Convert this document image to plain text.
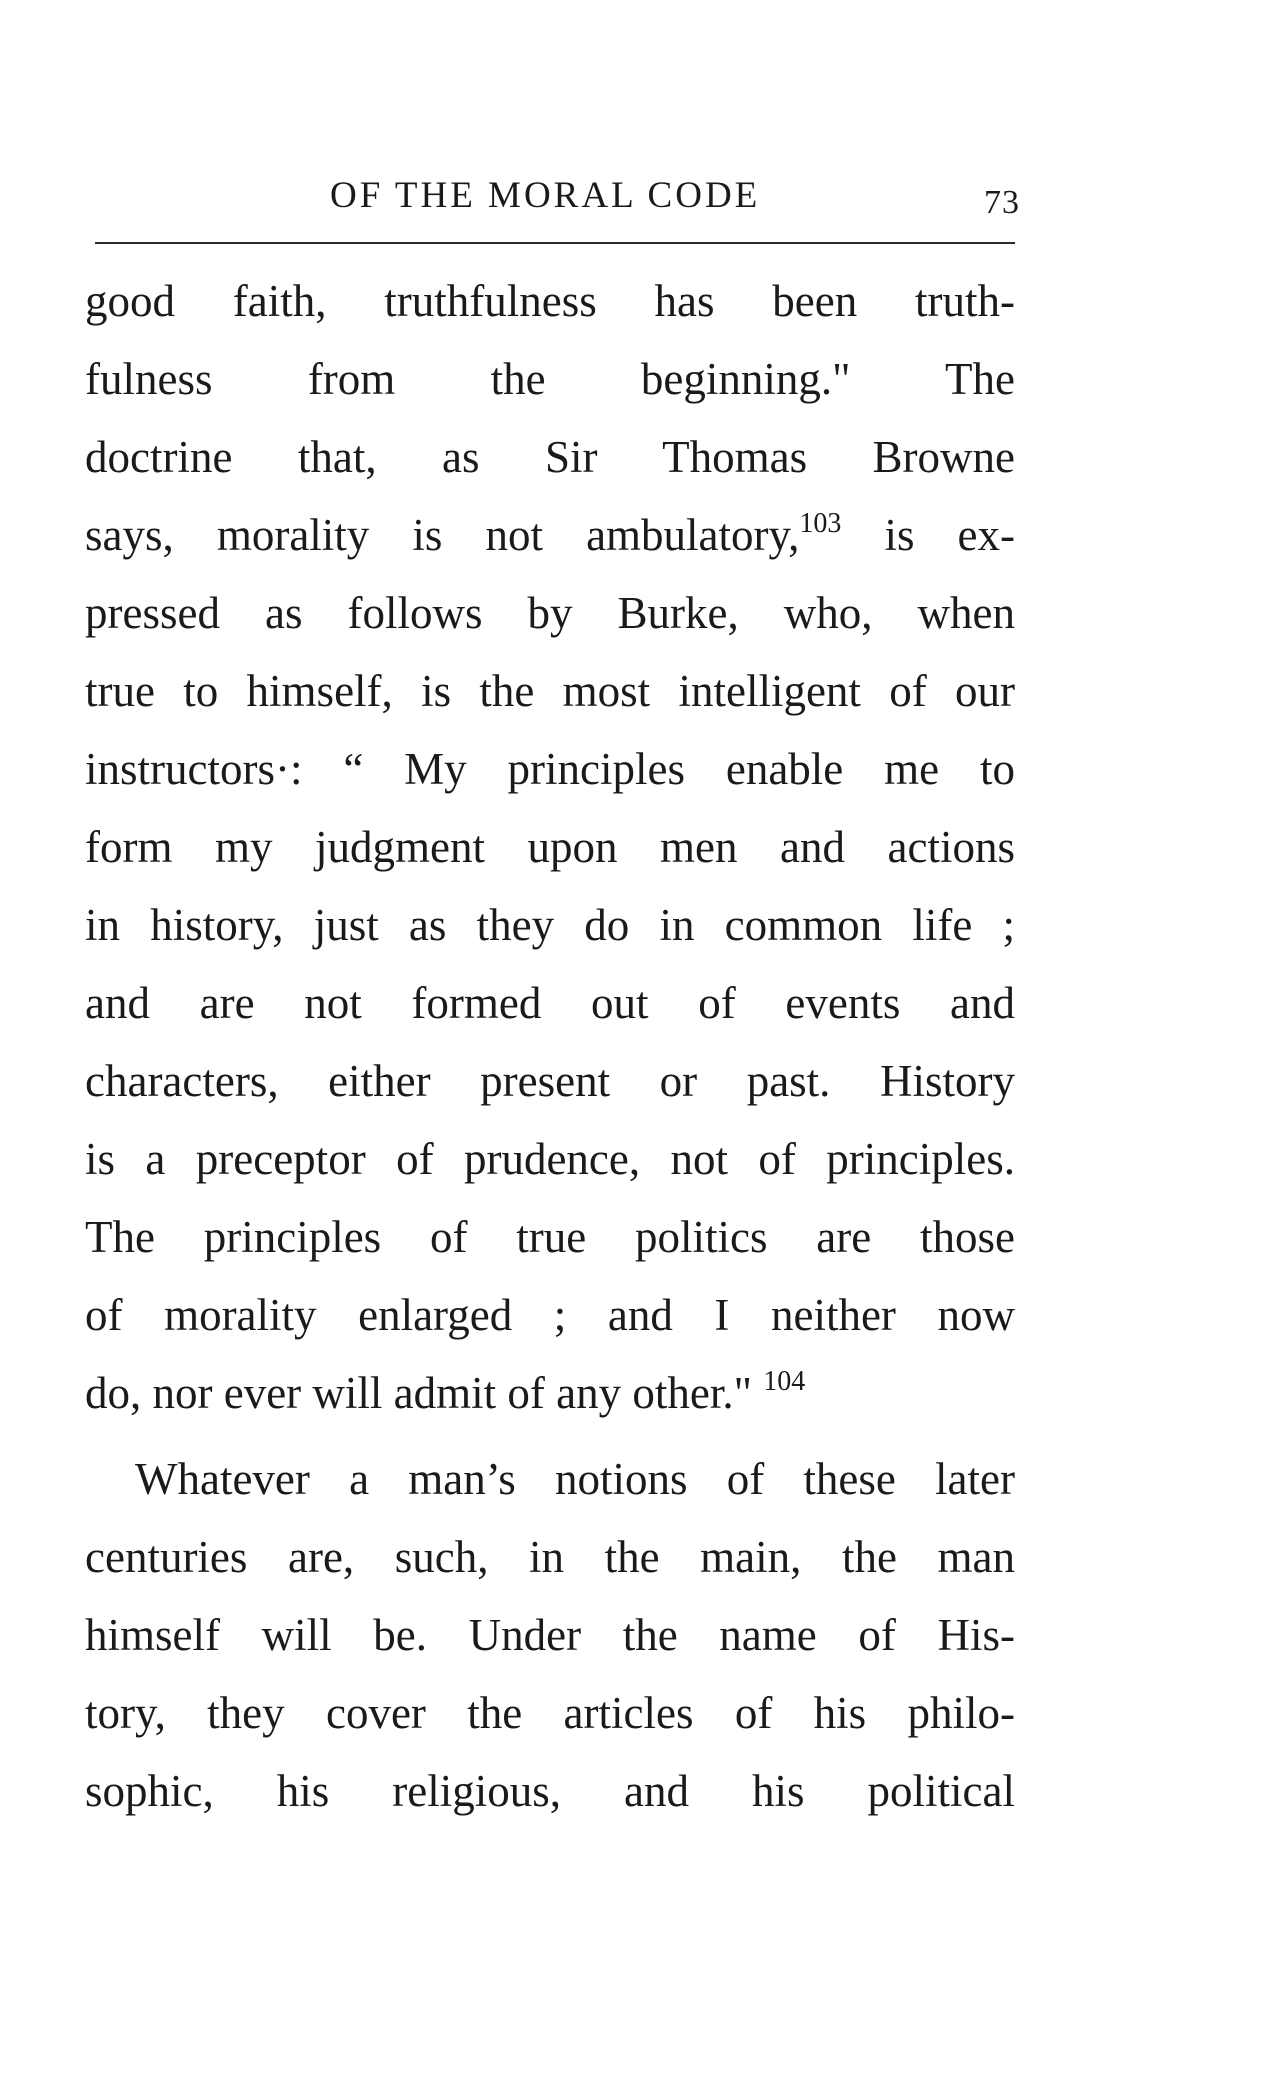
OF THE MORAL CODE	73
good faith, truthfulness has been truth-
fulness from the beginning." The
doctrine that, as Sir Thomas Browne
says, morality is not ambulatory,$^{103}$ is ex-
pressed as follows by Burke, who, when
true to himself, is the most intelligent of our
instructors·: “ My principles enable me to
form my judgment upon men and actions
in history, just as they do in common life ;
and are not formed out of events and
characters, either present or past. History
is a preceptor of prudence, not of principles.
The principles of true politics are those
of morality enlarged ; and I neither now
do, nor ever will admit of any other." $^{104}$
Whatever a man’s notions of these later
centuries are, such, in the main, the man
himself will be. Under the name of His-
tory, they cover the articles of his philo-
sophic, his religious, and his political
